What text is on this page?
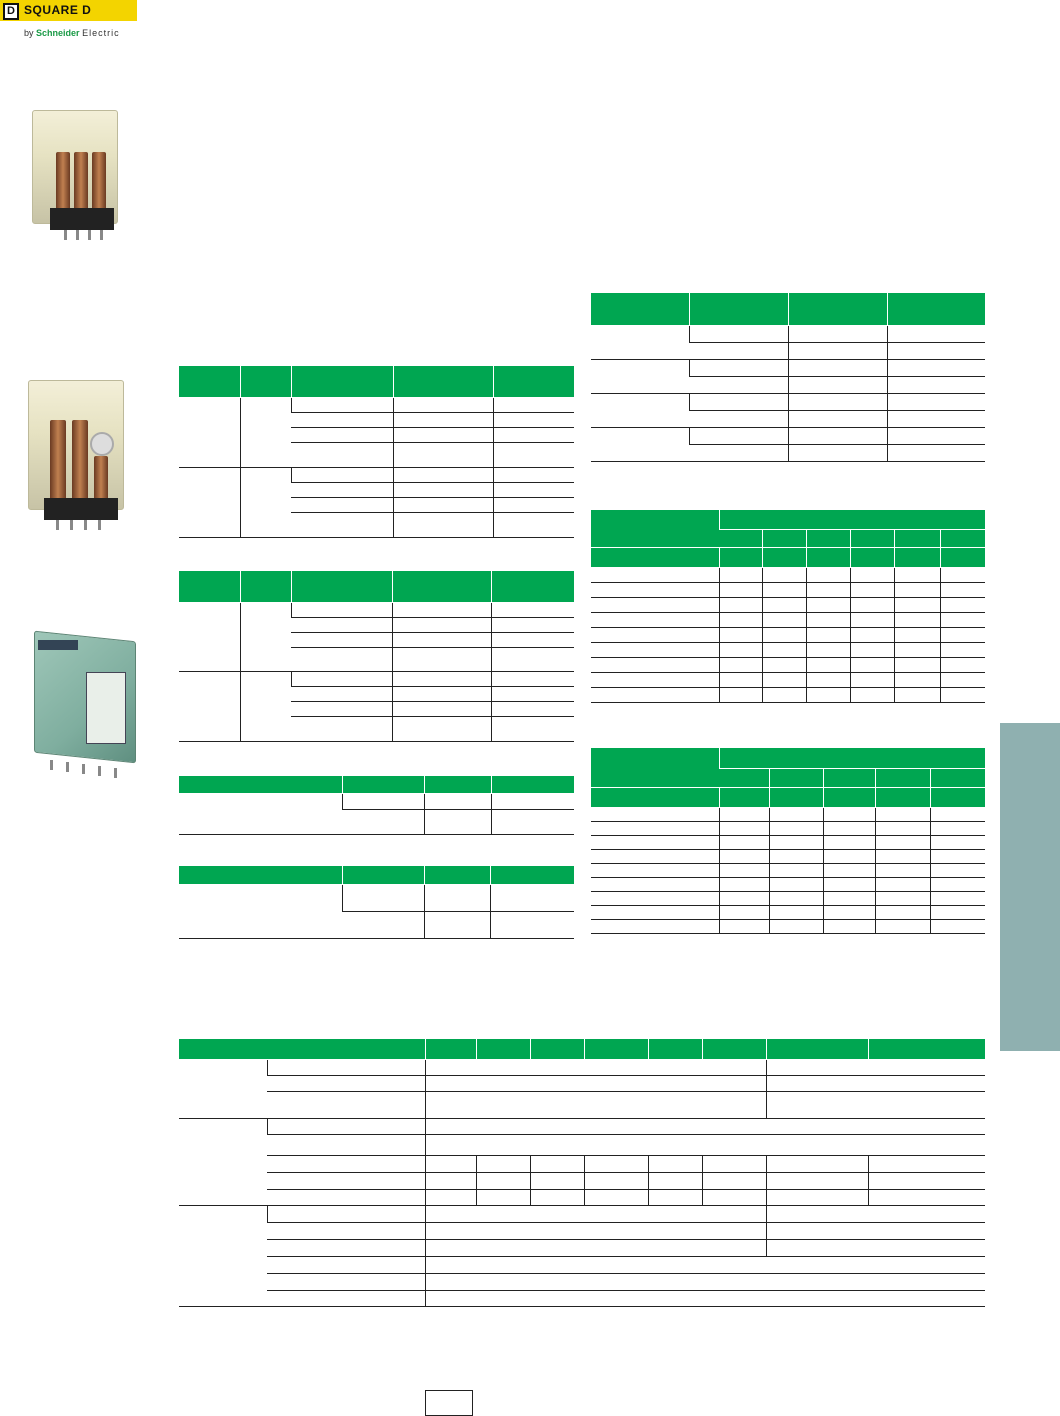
D SQUARE D
by Schneider Electric
